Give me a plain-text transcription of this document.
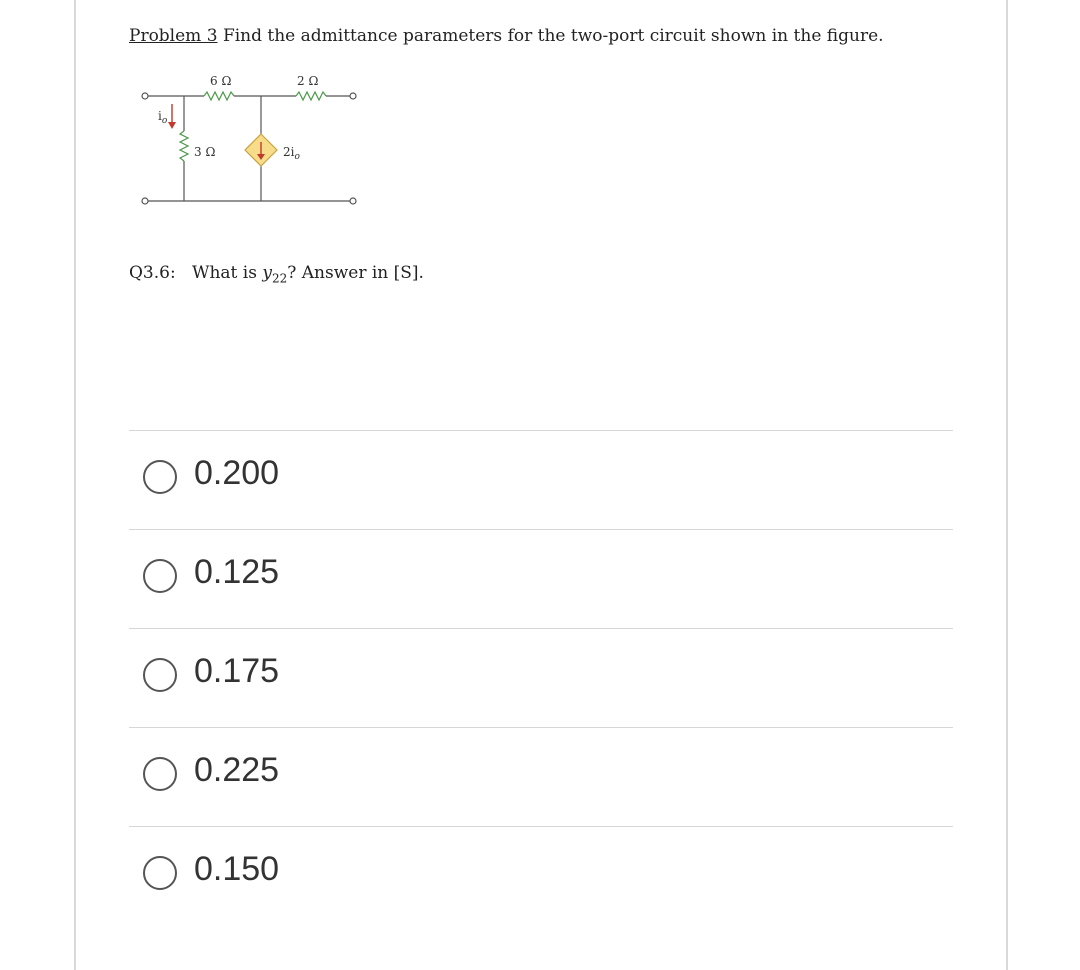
Problem 3 Find the admittance parameters for the two-port circuit shown in the figure.
6 Ω	2 Ω
3 Ω
$i_o$
$2i_o$
Q3.6: What is $y_{22}$? Answer in [S].
0.200
0.125
0.175
0.225
0.150
